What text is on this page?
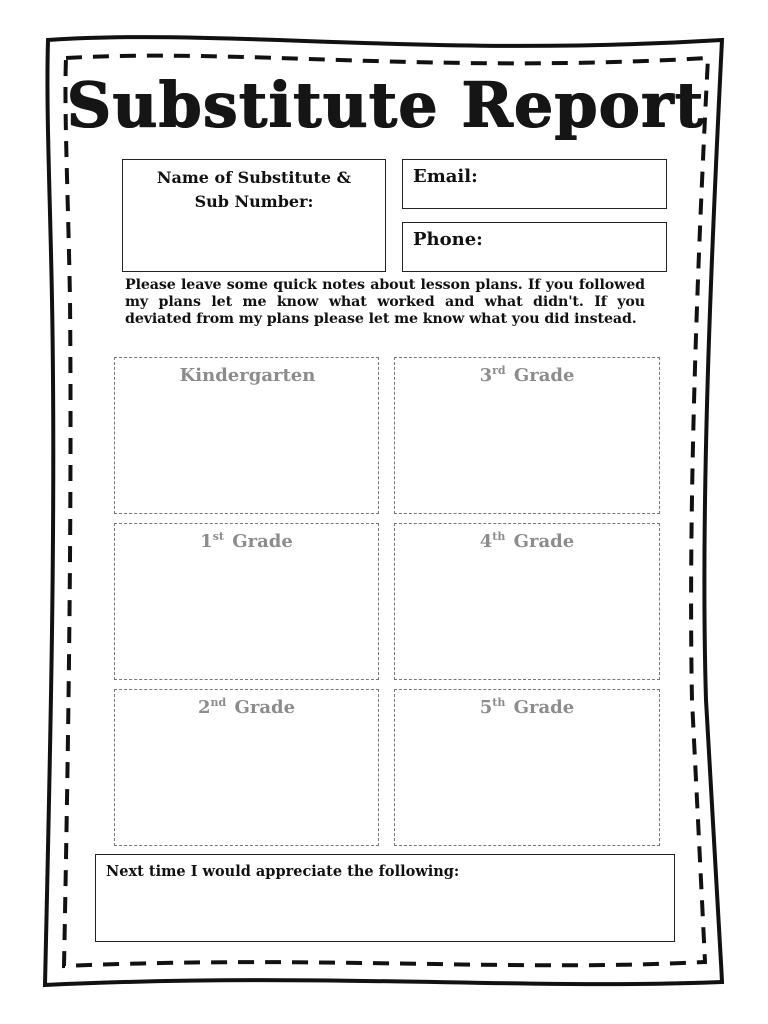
Substitute Report
Name of Substitute & Sub Number:
Email:
Phone:
Please leave some quick notes about lesson plans. If you followed my plans let me know what worked and what didn't. If you deviated from my plans please let me know what you did instead.
Kindergarten	3rd Grade
1st Grade	4th Grade
2nd Grade	5th Grade
Next time I would appreciate the following:
